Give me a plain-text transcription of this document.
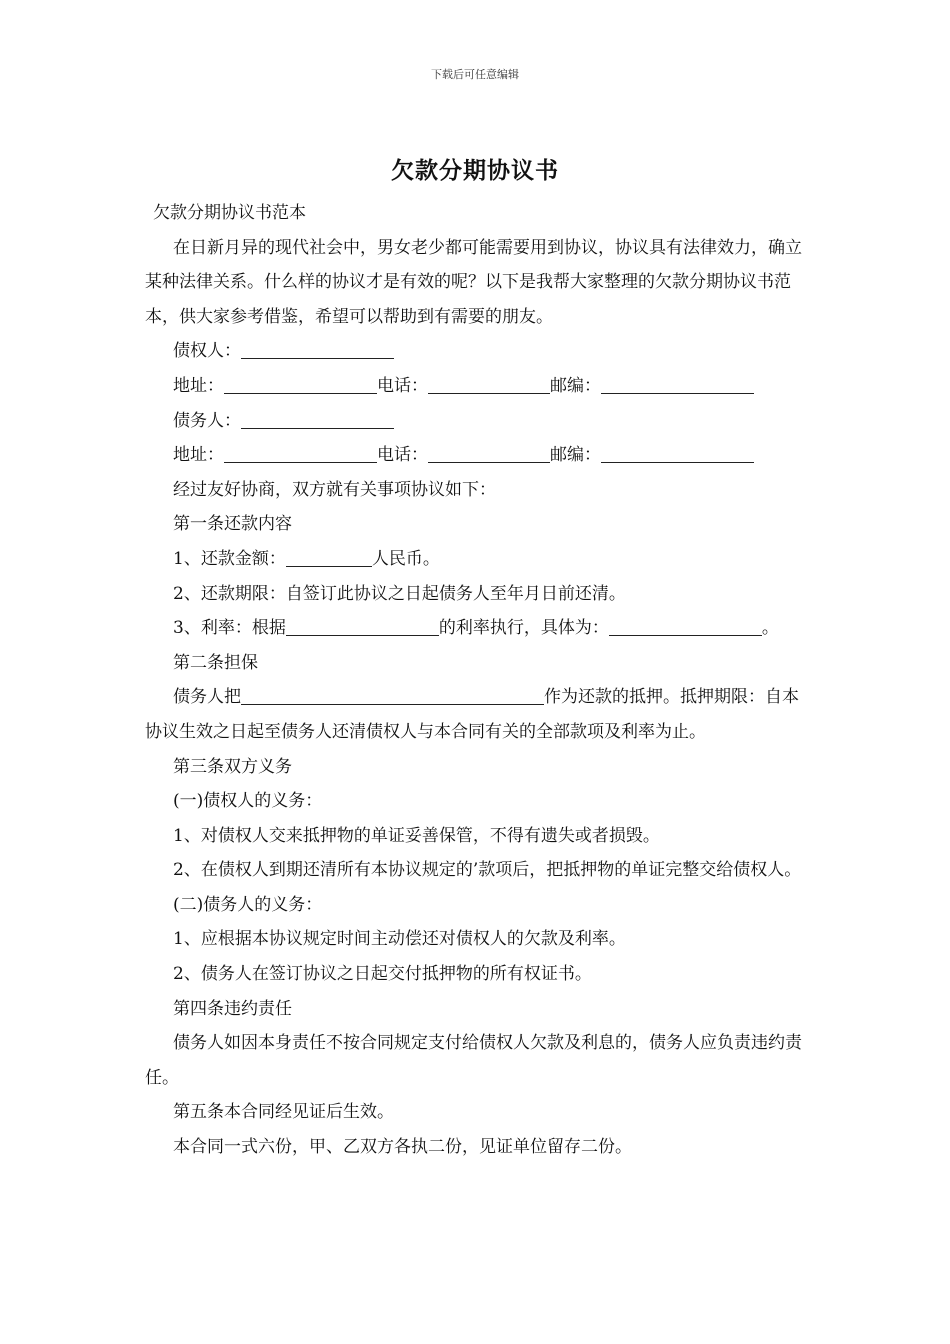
下载后可任意编辑
欠款分期协议书
欠款分期协议书范本
在日新月异的现代社会中，男女老少都可能需要用到协议，协议具有法律效力，确立某种法律关系。什么样的协议才是有效的呢？以下是我帮大家整理的欠款分期协议书范本，供大家参考借鉴，希望可以帮助到有需要的朋友。
债权人：
地址：	电话：	邮编：
债务人：
地址：	电话：	邮编：
经过友好协商，双方就有关事项协议如下：
第一条还款内容
1、还款金额：	人民币。
2、还款期限：自签订此协议之日起债务人至年月日前还清。
3、利率：根据	的利率执行，具体为：	。
第二条担保
债务人把	作为还款的抵押。抵押期限：自本协议生效之日起至债务人还清债权人与本合同有关的全部款项及利率为止。
第三条双方义务
(一)债权人的义务：
1、对债权人交来抵押物的单证妥善保管，不得有遗失或者损毁。
2、在债权人到期还清所有本协议规定的’款项后，把抵押物的单证完整交给债权人。
(二)债务人的义务：
1、应根据本协议规定时间主动偿还对债权人的欠款及利率。
2、债务人在签订协议之日起交付抵押物的所有权证书。
第四条违约责任
债务人如因本身责任不按合同规定支付给债权人欠款及利息的，债务人应负责违约责任。
第五条本合同经见证后生效。
本合同一式六份，甲、乙双方各执二份，见证单位留存二份。
